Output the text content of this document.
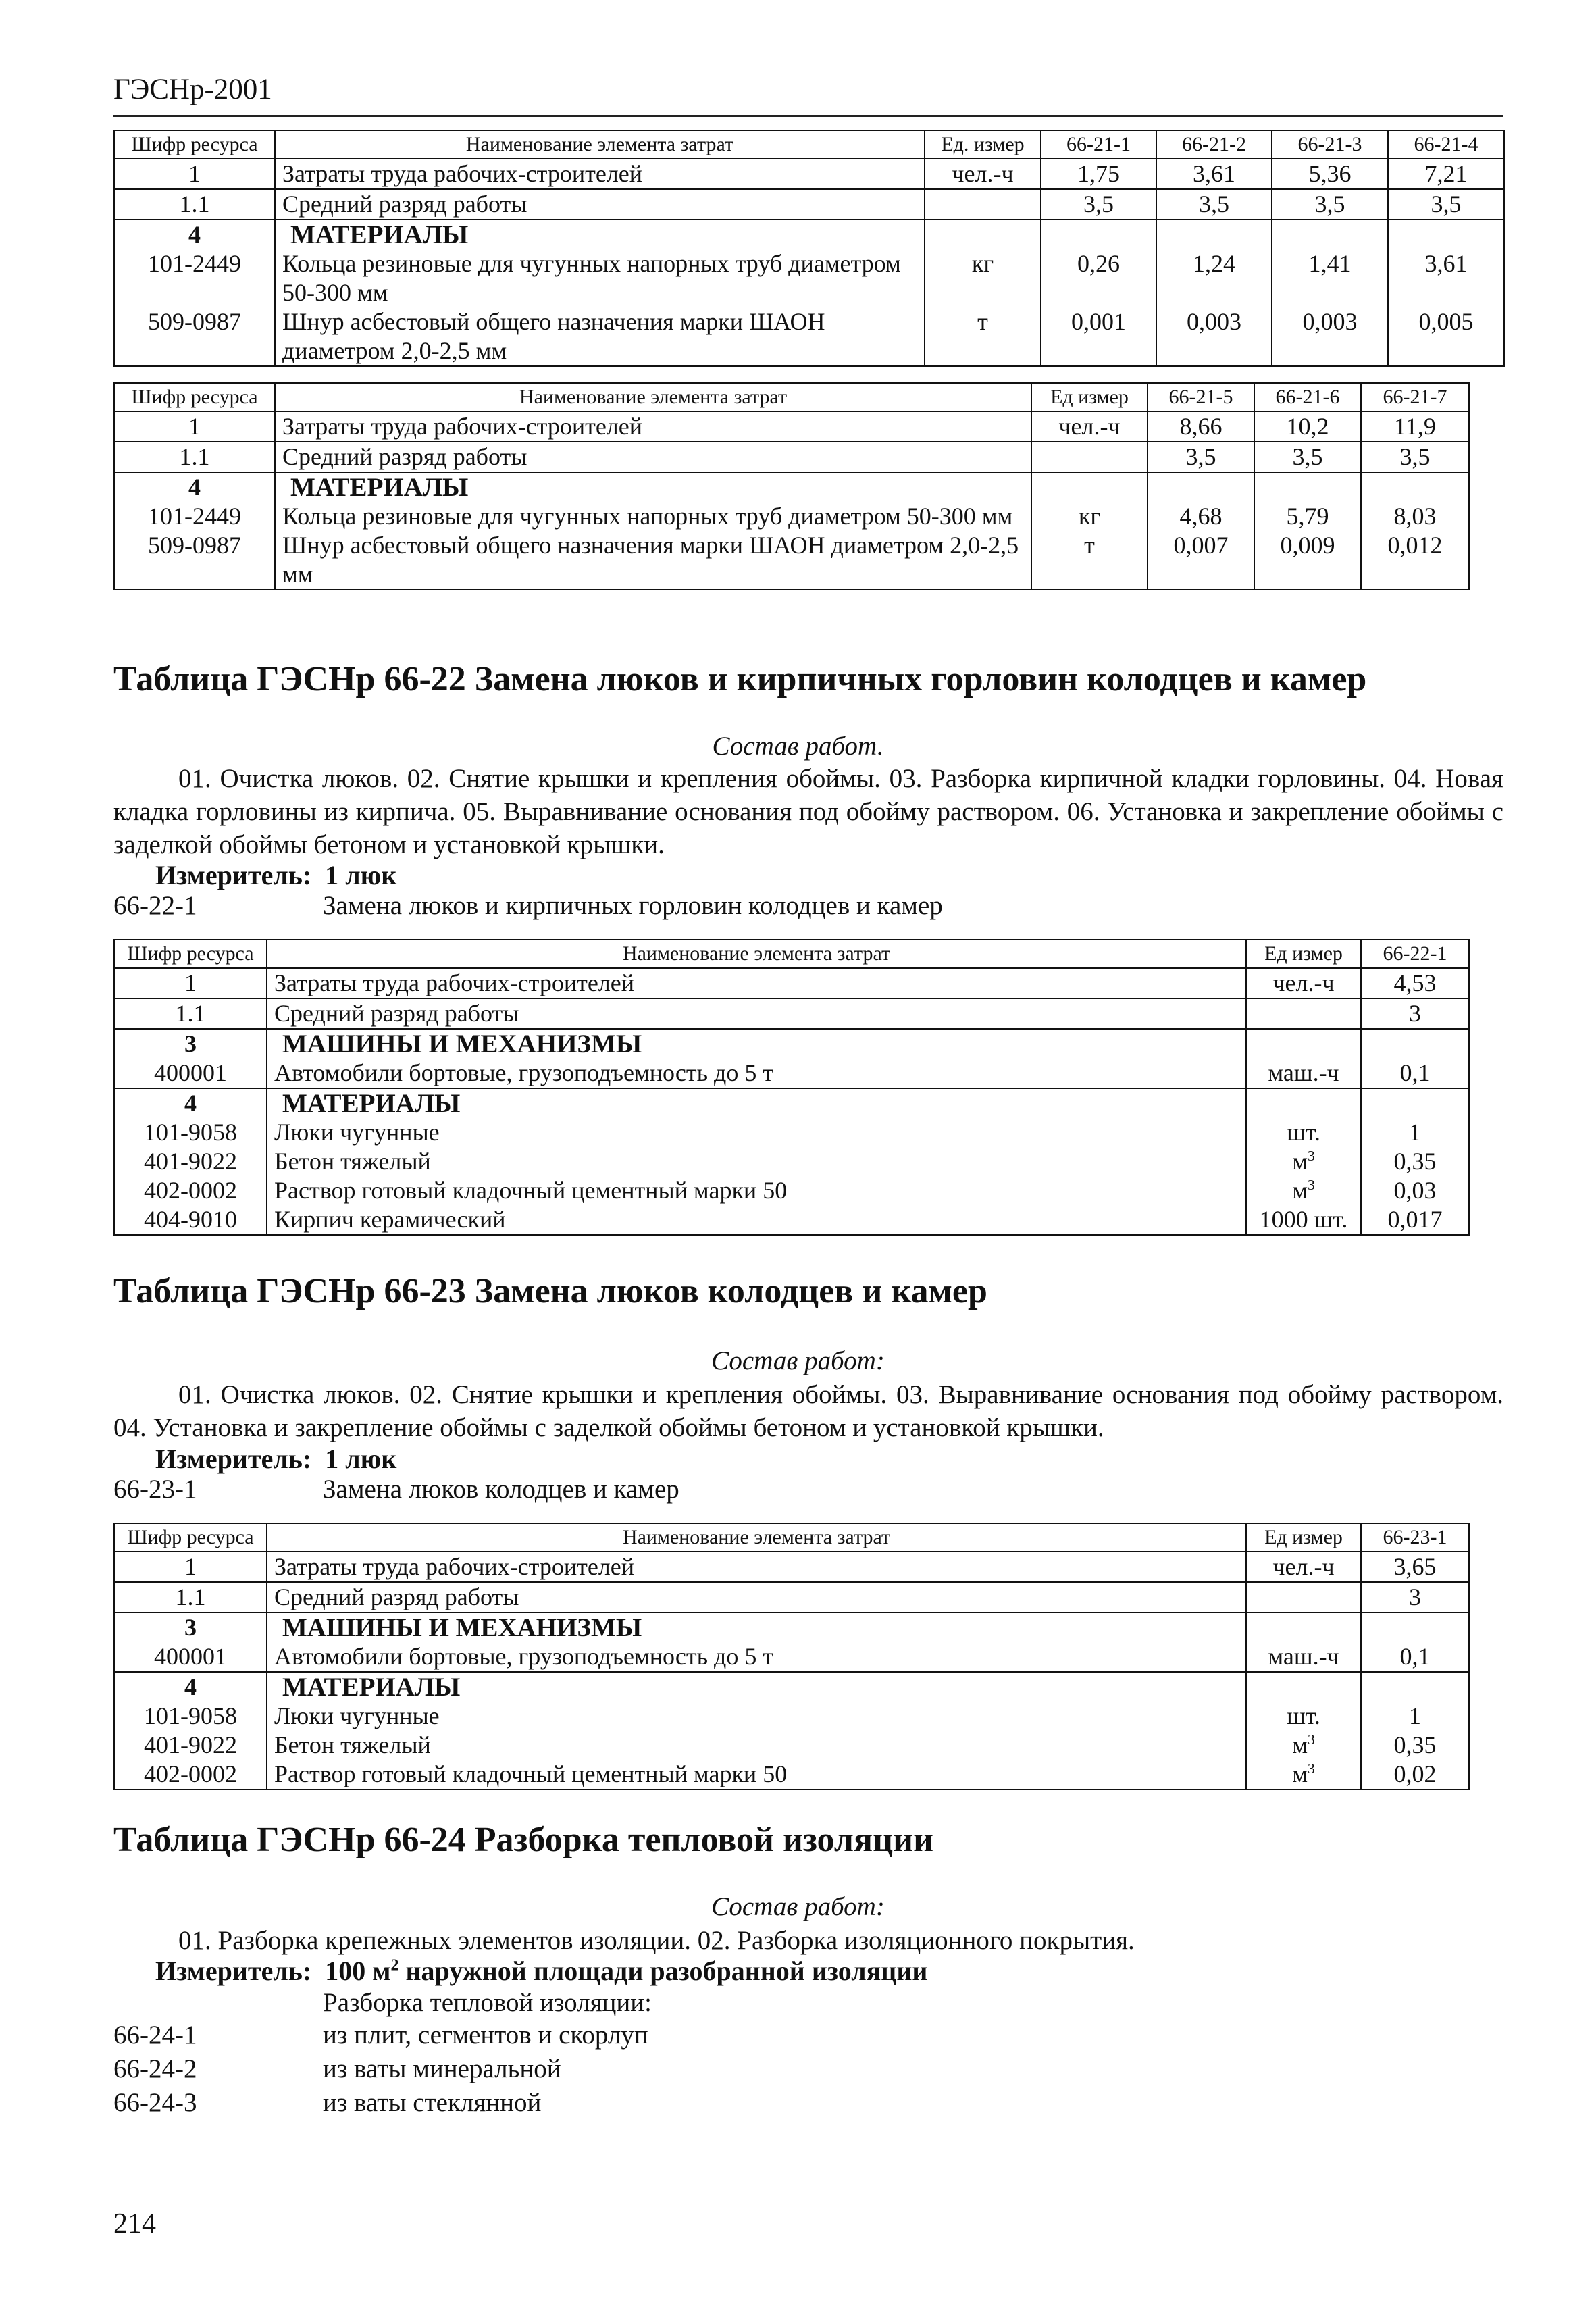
ГЭСНр-2001
Шифр ресурса	Наименование элемента затрат	Ед. измер	66-21-1	66-21-2	66-21-3	66-21-4
1	Затраты труда рабочих-строителей	чел.-ч	1,75	3,61	5,36	7,21
1.1	Средний разряд работы		3,5	3,5	3,5	3,5
4	МАТЕРИАЛЫ					
101-2449	Кольца резиновые для чугунных напорных труб диаметром 50-300 мм	кг	0,26	1,24	1,41	3,61
509-0987	Шнур асбестовый общего назначения марки ШАОН диаметром 2,0-2,5 мм	т	0,001	0,003	0,003	0,005
Шифр ресурса	Наименование элемента затрат	Ед измер	66-21-5	66-21-6	66-21-7
1	Затраты труда рабочих-строителей	чел.-ч	8,66	10,2	11,9
1.1	Средний разряд работы		3,5	3,5	3,5
4	МАТЕРИАЛЫ				
101-2449	Кольца резиновые для чугунных напорных труб диаметром 50-300 мм	кг	4,68	5,79	8,03
509-0987	Шнур асбестовый общего назначения марки ШАОН диаметром 2,0-2,5 мм	т	0,007	0,009	0,012
Таблица ГЭСНр 66-22 Замена люков и кирпичных горловин колодцев и камер
Состав работ.
01. Очистка люков. 02. Снятие крышки и крепления обоймы. 03. Разборка кирпичной кладки горловины. 04. Новая кладка горловины из кирпича. 05. Выравнивание основания под обойму раствором. 06. Установка и закрепление обоймы с заделкой обоймы бетоном и установкой крышки.
Измеритель: 1 люк
66-22-1	Замена люков и кирпичных горловин колодцев и камер
Шифр ресурса	Наименование элемента затрат	Ед измер	66-22-1
1	Затраты труда рабочих-строителей	чел.-ч	4,53
1.1	Средний разряд работы		3
3	МАШИНЫ И МЕХАНИЗМЫ		
400001	Автомобили бортовые, грузоподъемность до 5 т	маш.-ч	0,1
4	МАТЕРИАЛЫ		
101-9058	Люки чугунные	шт.	1
401-9022	Бетон тяжелый	$м^3$	0,35
402-0002	Раствор готовый кладочный цементный марки 50	$м^3$	0,03
404-9010	Кирпич керамический	1000 шт.	0,017
Таблица ГЭСНр 66-23 Замена люков колодцев и камер
Состав работ:
01. Очистка люков. 02. Снятие крышки и крепления обоймы. 03. Выравнивание основания под обойму раствором. 04. Установка и закрепление обоймы с заделкой обоймы бетоном и установкой крышки.
Измеритель: 1 люк
66-23-1	Замена люков колодцев и камер
Шифр ресурса	Наименование элемента затрат	Ед измер	66-23-1
1	Затраты труда рабочих-строителей	чел.-ч	3,65
1.1	Средний разряд работы		3
3	МАШИНЫ И МЕХАНИЗМЫ		
400001	Автомобили бортовые, грузоподъемность до 5 т	маш.-ч	0,1
4	МАТЕРИАЛЫ		
101-9058	Люки чугунные	шт.	1
401-9022	Бетон тяжелый	$м^3$	0,35
402-0002	Раствор готовый кладочный цементный марки 50	$м^3$	0,02
Таблица ГЭСНр 66-24 Разборка тепловой изоляции
Состав работ:
01. Разборка крепежных элементов изоляции. 02. Разборка изоляционного покрытия.
Измеритель: 100 $м^2$ наружной площади разобранной изоляции
Разборка тепловой изоляции:
66-24-1	из плит, сегментов и скорлуп
66-24-2	из ваты минеральной
66-24-3	из ваты стеклянной
214
